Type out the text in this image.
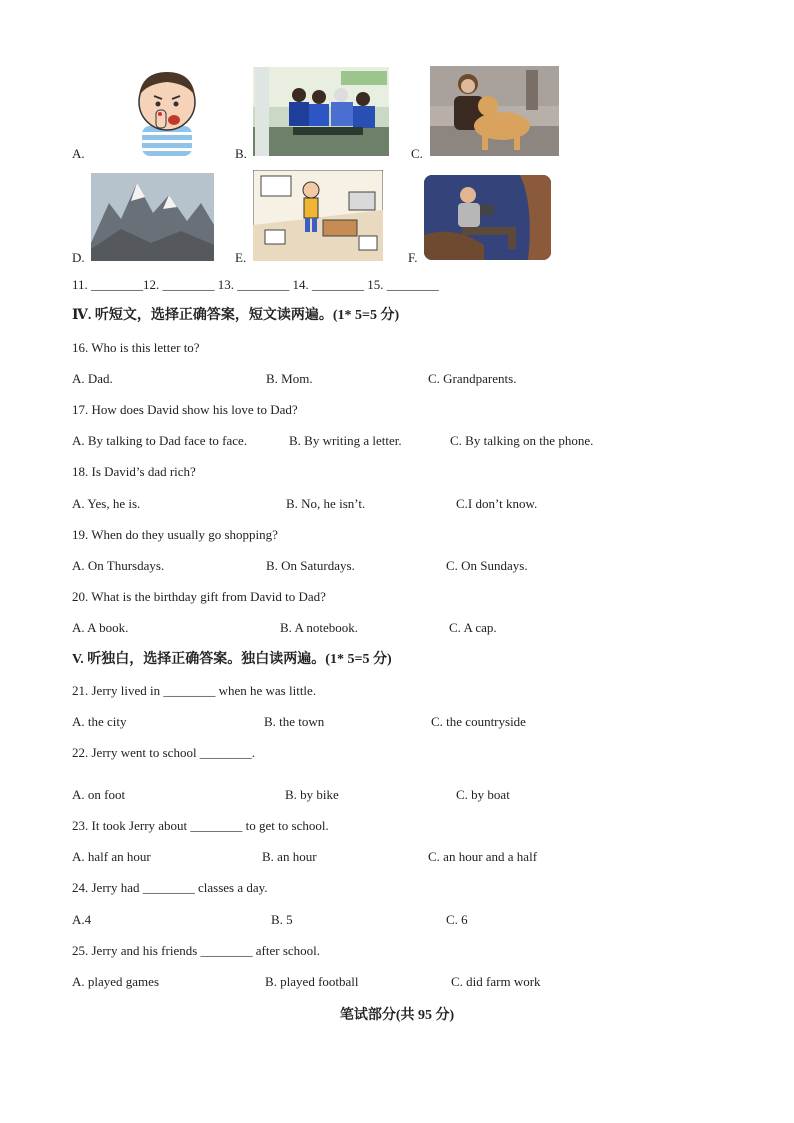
A.	B.	C.
D.	E.	F.
11. ________12. ________ 13. ________ 14. ________ 15. ________
Ⅳ. 听短文，选择正确答案，短文读两遍。(1* 5=5 分)
16. Who is this letter to?
A. Dad.	B. Mom.	C. Grandparents.
17. How does David show his love to Dad?
A. By talking to Dad face to face.	B. By writing a letter.	C. By talking on the phone.
18. Is David’s dad rich?
A. Yes, he is.	B. No, he isn’t.	C.I don’t know.
19. When do they usually go shopping?
A. On Thursdays.	B. On Saturdays.	C. On Sundays.
20. What is the birthday gift from David to Dad?
A. A book.	B. A notebook.	C. A cap.
V. 听独白，选择正确答案。独白读两遍。(1* 5=5 分)
21. Jerry lived in ________ when he was little.
A. the city	B. the town	C. the countryside
22. Jerry went to school ________.
A. on foot	B. by bike	C. by boat
23. It took Jerry about ________ to get to school.
A. half an hour	B. an hour	C. an hour and a half
24. Jerry had ________ classes a day.
A.4	B. 5	C. 6
25. Jerry and his friends ________ after school.
A. played games	B. played football	C. did farm work
笔试部分(共 95 分)
